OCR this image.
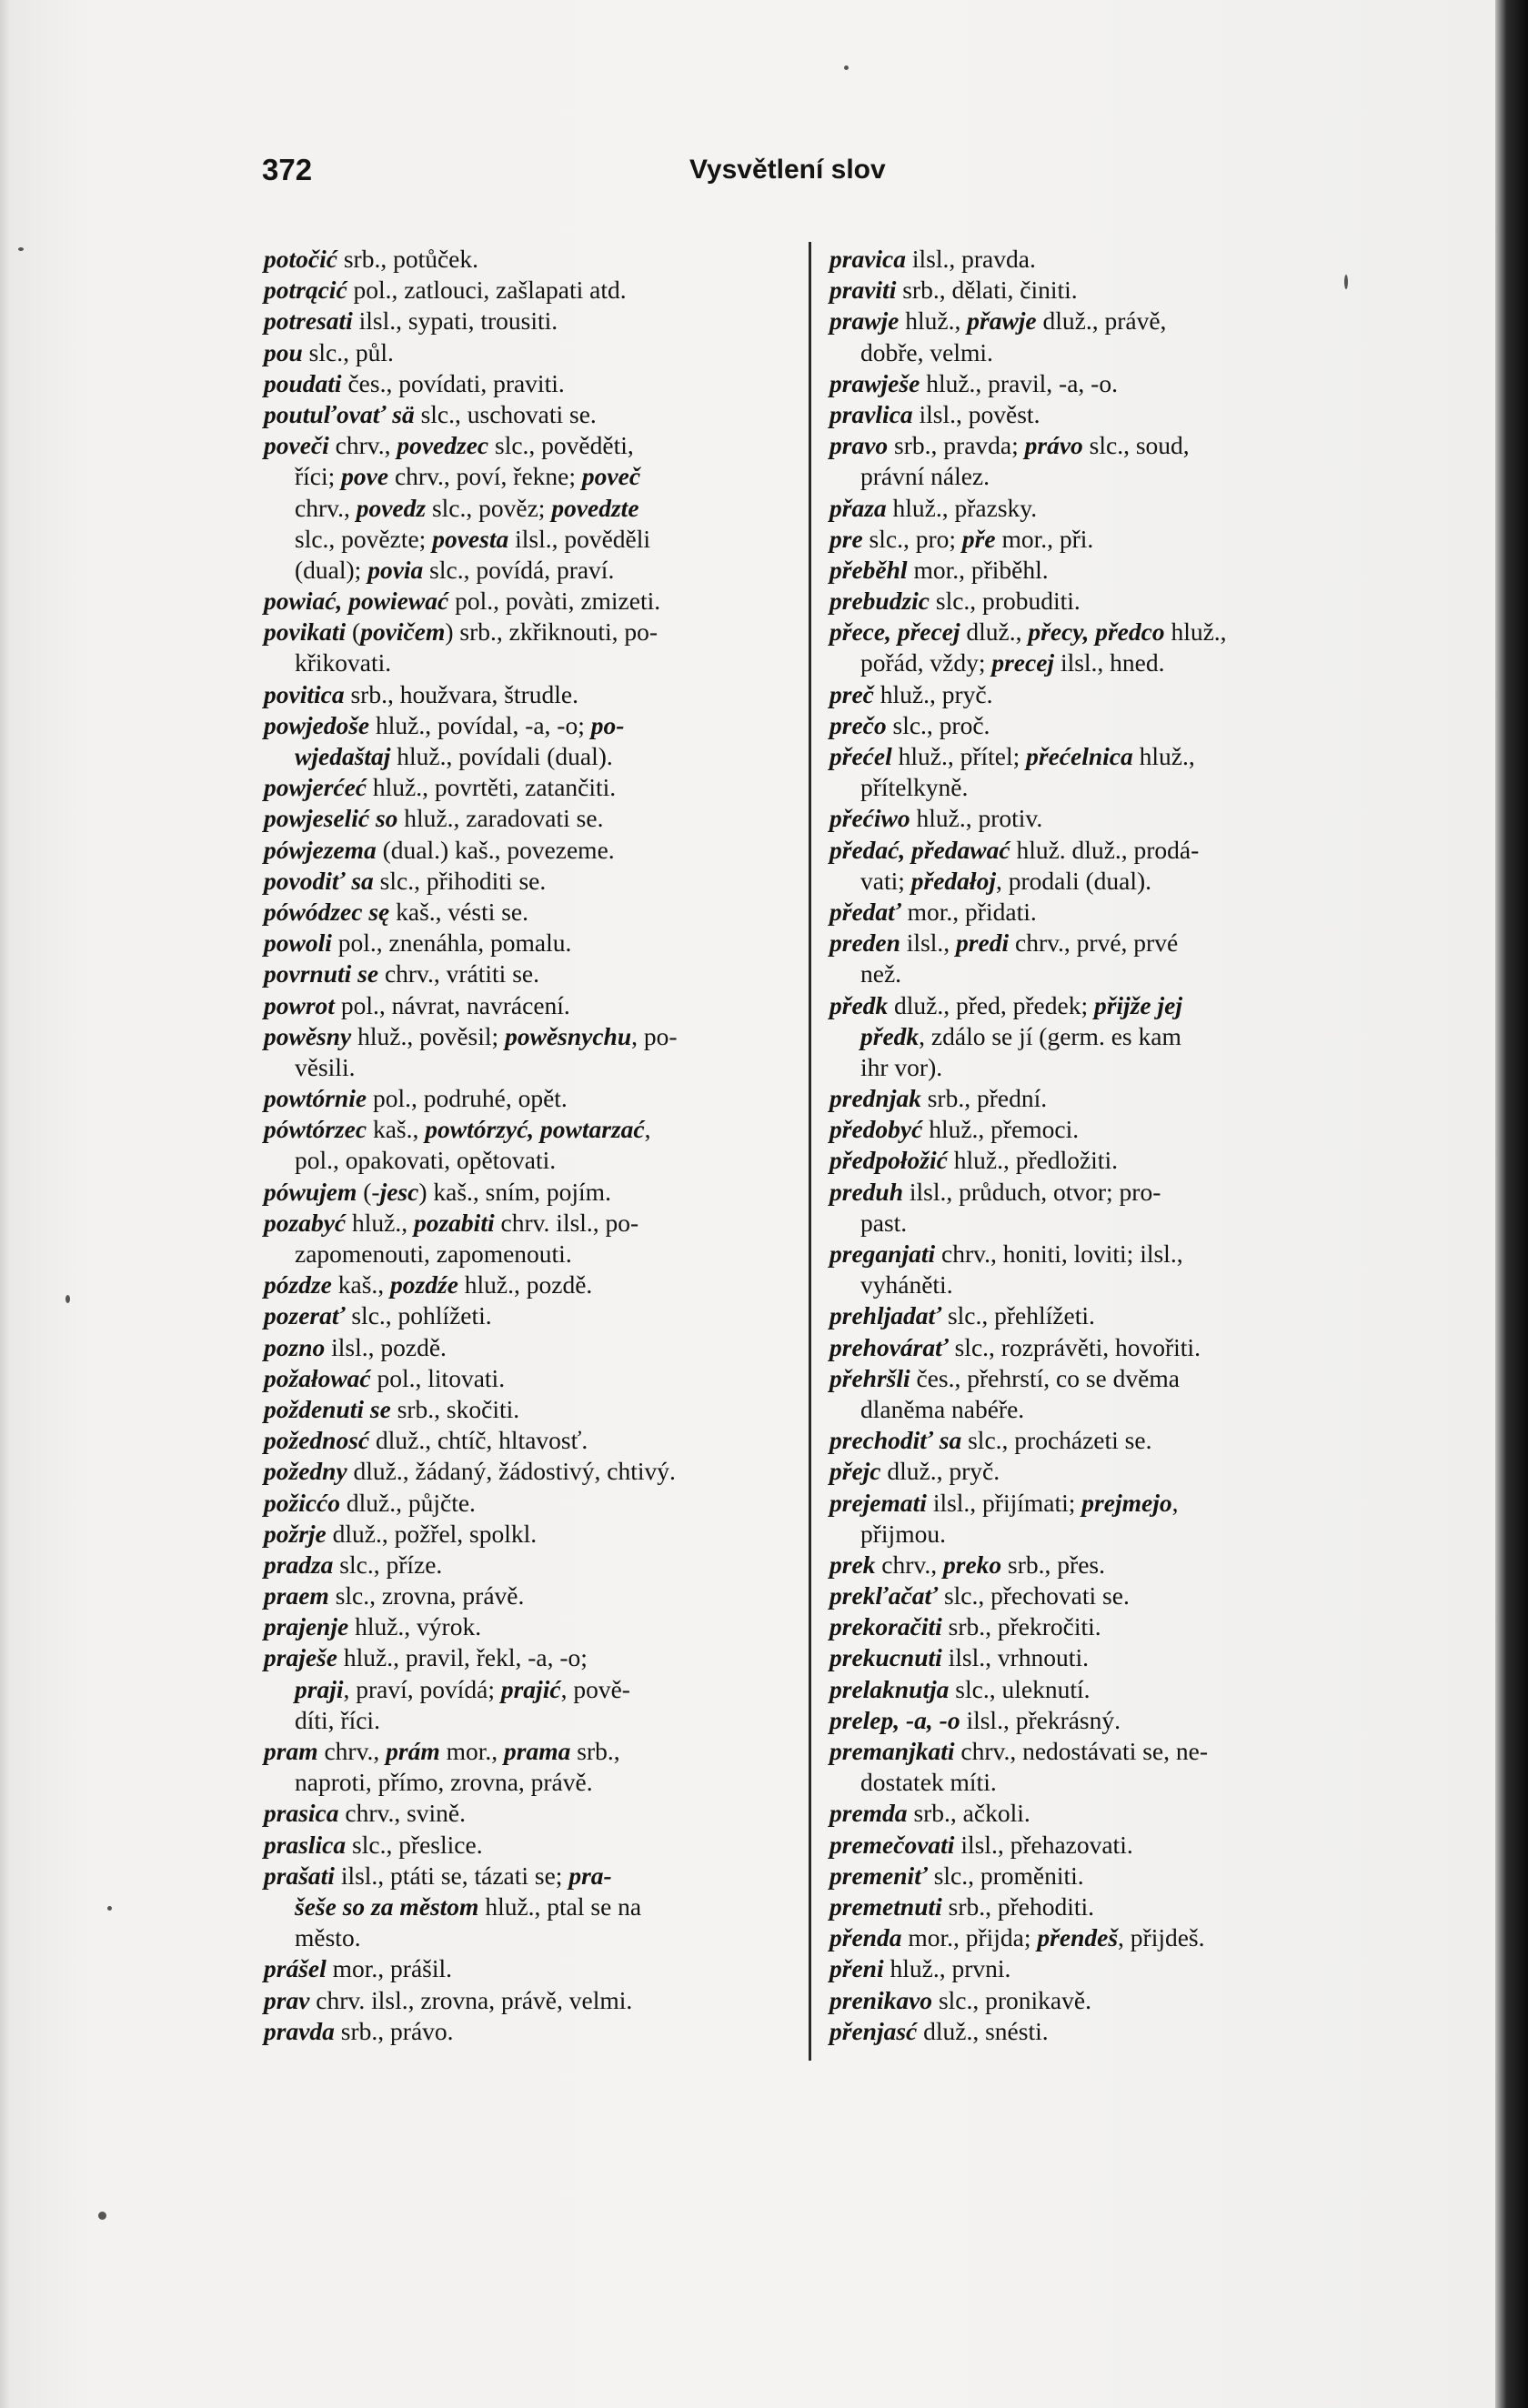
372	Vysvětlení slov
potočić srb., potůček.
potrącić pol., zatlouci, zašlapati atd.
potresati ilsl., sypati, trousiti.
pou slc., půl.
poudati čes., povídati, praviti.
poutuľovať sä slc., uschovati se.
poveči chrv., povedzec slc., pověděti,
říci; pove chrv., poví, řekne; poveč
chrv., povedz slc., pověz; povedzte
slc., povězte; povesta ilsl., pověděli
(dual); povia slc., povídá, praví.
powiać, powiewać pol., povàti, zmizeti.
povikati (povičem) srb., zkřiknouti, po-
křikovati.
povitica srb., houžvara, štrudle.
powjedoše hluž., povídal, -a, -o; po-
wjedaštaj hluž., povídali (dual).
powjerćeć hluž., povrtěti, zatančiti.
powjeselić so hluž., zaradovati se.
pówjezema (dual.) kaš., povezeme.
povodiť sa slc., přihoditi se.
pówódzec sę kaš., vésti se.
powoli pol., znenáhla, pomalu.
povrnuti se chrv., vrátiti se.
powrot pol., návrat, navrácení.
powěsny hluž., pověsil; powěsnychu, po-
věsili.
powtórnie pol., podruhé, opět.
pówtórzec kaš., powtórzyć, powtarzać,
pol., opakovati, opětovati.
pówujem (-jesc) kaš., sním, pojím.
pozabyć hluž., pozabiti chrv. ilsl., po-
zapomenouti, zapomenouti.
pózdze kaš., pozdźe hluž., pozdě.
pozerať slc., pohlížeti.
pozno ilsl., pozdě.
požałować pol., litovati.
poždenuti se srb., skočiti.
požednosć dluž., chtíč, hltavosť.
požedny dluž., žádaný, žádostivý, chtivý.
požicćo dluž., půjčte.
požrje dluž., požřel, spolkl.
pradza slc., příze.
praem slc., zrovna, právě.
prajenje hluž., výrok.
praješe hluž., pravil, řekl, -a, -o;
praji, praví, povídá; prajić, pově-
díti, říci.
pram chrv., prám mor., prama srb.,
naproti, přímo, zrovna, právě.
prasica chrv., svině.
praslica slc., přeslice.
prašati ilsl., ptáti se, tázati se; pra-
šeše so za městom hluž., ptal se na
město.
prášel mor., prášil.
prav chrv. ilsl., zrovna, právě, velmi.
pravda srb., právo.
pravica ilsl., pravda.
praviti srb., dělati, činiti.
prawje hluž., přawje dluž., právě,
dobře, velmi.
prawješe hluž., pravil, -a, -o.
pravlica ilsl., pověst.
pravo srb., pravda; právo slc., soud,
právní nález.
přaza hluž., přazsky.
pre slc., pro; pře mor., při.
přeběhl mor., přiběhl.
prebudzic slc., probuditi.
přece, přecej dluž., přecy, předco hluž.,
pořád, vždy; precej ilsl., hned.
preč hluž., pryč.
prečo slc., proč.
přećel hluž., přítel; přećelnica hluž.,
přítelkyně.
přećiwo hluž., protiv.
předać, předawać hluž. dluž., prodá-
vati; předałoj, prodali (dual).
předať mor., přidati.
preden ilsl., predi chrv., prvé, prvé
než.
předk dluž., před, předek; přijže jej
předk, zdálo se jí (germ. es kam
ihr vor).
prednjak srb., přední.
předobyć hluž., přemoci.
předpołožić hluž., předložiti.
preduh ilsl., průduch, otvor; pro-
past.
preganjati chrv., honiti, loviti; ilsl.,
vyháněti.
prehljadať slc., přehlížeti.
prehovárať slc., rozprávěti, hovořiti.
přehršli čes., přehrstí, co se dvěma
dlaněma nabéře.
prechodiť sa slc., procházeti se.
přejc dluž., pryč.
prejemati ilsl., přijímati; prejmejo,
přijmou.
prek chrv., preko srb., přes.
prekľačať slc., přechovati se.
prekoračiti srb., překročiti.
prekucnuti ilsl., vrhnouti.
prelaknutja slc., uleknutí.
prelep, -a, -o ilsl., překrásný.
premanjkati chrv., nedostávati se, ne-
dostatek míti.
premda srb., ačkoli.
premečovati ilsl., přehazovati.
premeniť slc., proměniti.
premetnuti srb., přehoditi.
přenda mor., přijda; přendeš, přijdeš.
přeni hluž., prvni.
prenikavo slc., pronikavě.
přenjasć dluž., snésti.
